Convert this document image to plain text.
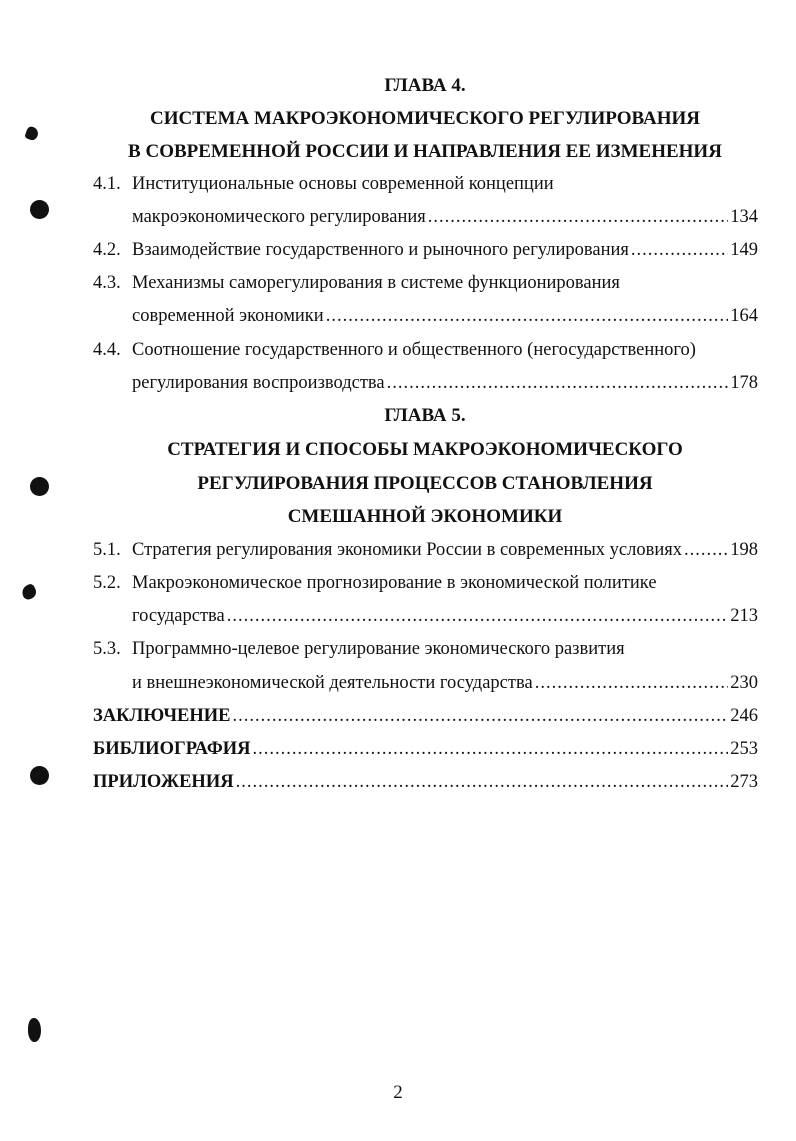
ГЛАВА 4.
СИСТЕМА МАКРОЭКОНОМИЧЕСКОГО РЕГУЛИРОВАНИЯ
В СОВРЕМЕННОЙ РОССИИ И НАПРАВЛЕНИЯ ЕЕ ИЗМЕНЕНИЯ
4.1. Институциональные основы современной концепции
макроэкономического регулирования .....	134
4.2. Взаимодействие государственного и рыночного регулирования .....	149
4.3. Механизмы саморегулирования в системе функционирования
современной экономики .....	164
4.4. Соотношение государственного и общественного (негосударственного)
регулирования воспроизводства .....	178
ГЛАВА 5.
СТРАТЕГИЯ И СПОСОБЫ МАКРОЭКОНОМИЧЕСКОГО
РЕГУЛИРОВАНИЯ ПРОЦЕССОВ СТАНОВЛЕНИЯ
СМЕШАННОЙ ЭКОНОМИКИ
5.1. Стратегия регулирования экономики России в современных условиях .....	198
5.2. Макроэкономическое прогнозирование в экономической политике
государства .....	213
5.3. Программно-целевое регулирование экономического развития
и внешнеэкономической деятельности государства .....	230
ЗАКЛЮЧЕНИЕ .....	246
БИБЛИОГРАФИЯ .....	253
ПРИЛОЖЕНИЯ .....	273
2
